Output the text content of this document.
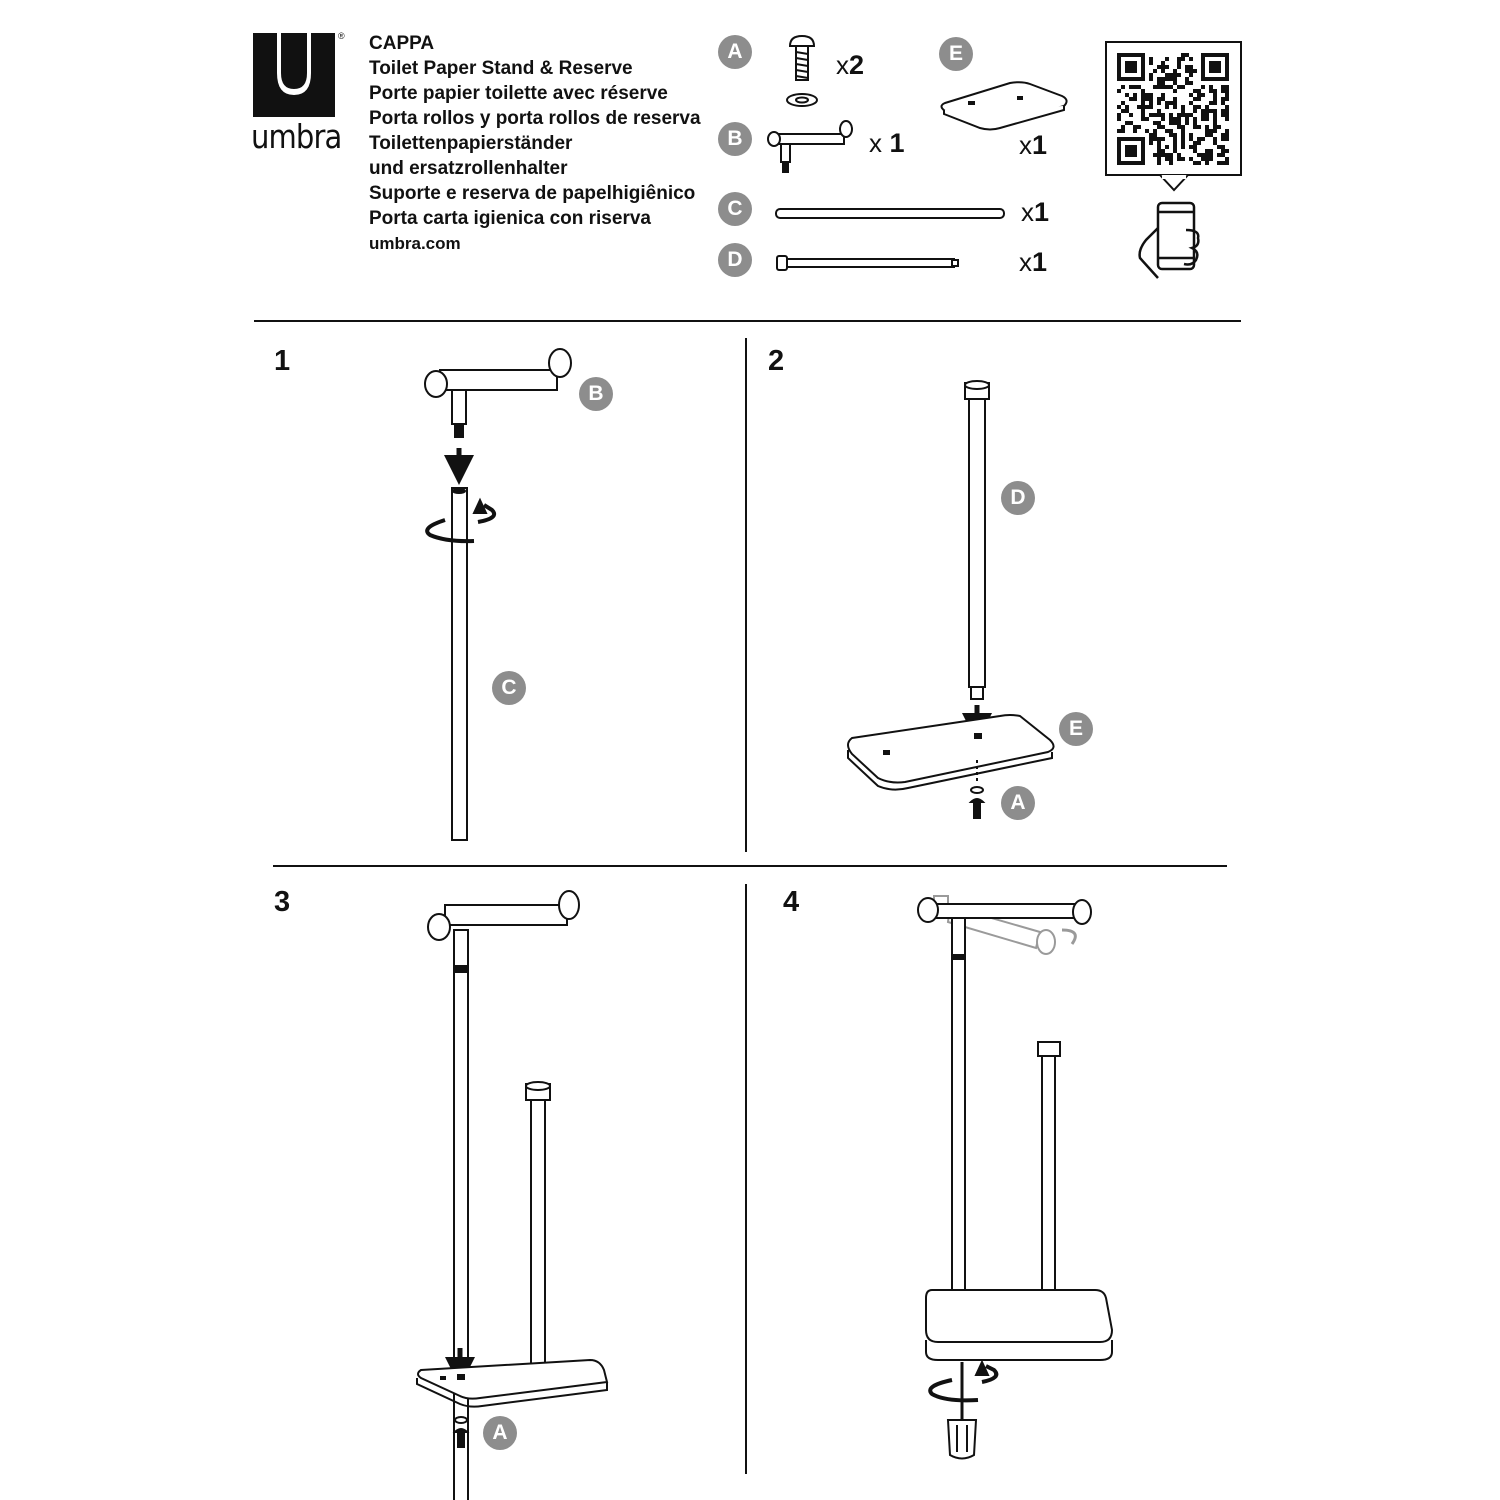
®
umbra
CAPPA
Toilet Paper Stand & Reserve
Porte papier toilette avec réserve
Porta rollos y porta rollos de reserva
Toilettenpapierständer
und ersatzrollenhalter
Suporte e reserva de papelhigiênico
Porta carta igienica con riserva
umbra.com
A	x2
B	x 1
C	x1
D	x1
E
x1
1	2
3	4
B
C
D
E
A
A
